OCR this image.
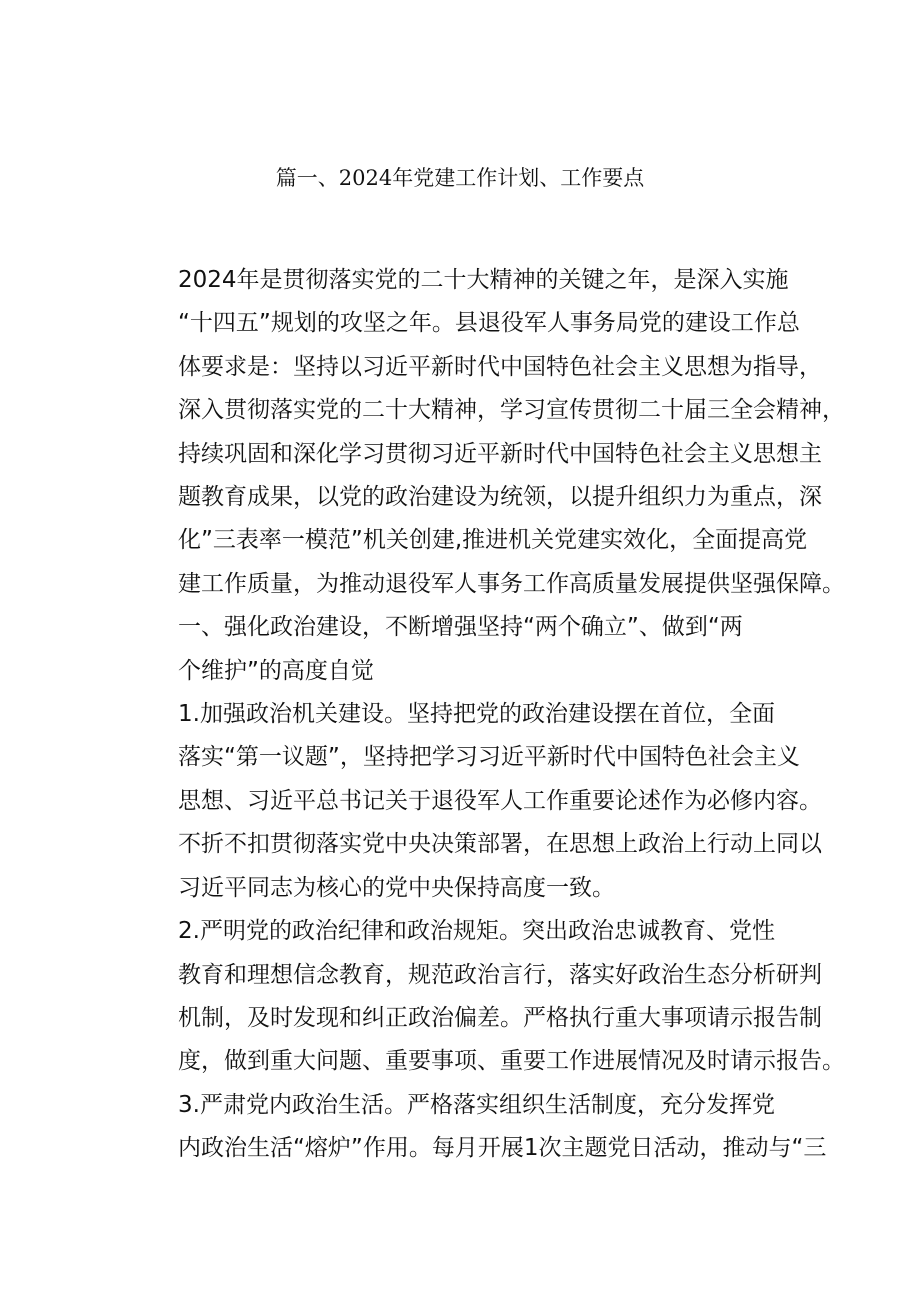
篇一、2024年党建工作计划、工作要点

2024年是贯彻落实党的二十大精神的关键之年，是深入实施
“十四五”规划的攻坚之年。县退役军人事务局党的建设工作总
体要求是：坚持以习近平新时代中国特色社会主义思想为指导，
深入贯彻落实党的二十大精神，学习宣传贯彻二十届三全会精神，
持续巩固和深化学习贯彻习近平新时代中国特色社会主义思想主
题教育成果，以党的政治建设为统领，以提升组织力为重点，深
化”三表率一模范”机关创建,推进机关党建实效化，全面提高党
建工作质量，为推动退役军人事务工作高质量发展提供坚强保障。

一、强化政治建设，不断增强坚持“两个确立”、做到“两
个维护”的高度自觉

1.加强政治机关建设。坚持把党的政治建设摆在首位，全面
落实“第一议题”，坚持把学习习近平新时代中国特色社会主义
思想、习近平总书记关于退役军人工作重要论述作为必修内容。
不折不扣贯彻落实党中央决策部署，在思想上政治上行动上同以
习近平同志为核心的党中央保持高度一致。

2.严明党的政治纪律和政治规矩。突出政治忠诚教育、党性
教育和理想信念教育，规范政治言行，落实好政治生态分析研判
机制，及时发现和纠正政治偏差。严格执行重大事项请示报告制
度，做到重大问题、重要事项、重要工作进展情况及时请示报告。

3.严肃党内政治生活。严格落实组织生活制度，充分发挥党
内政治生活“熔炉”作用。每月开展1次主题党日活动，推动与“三
